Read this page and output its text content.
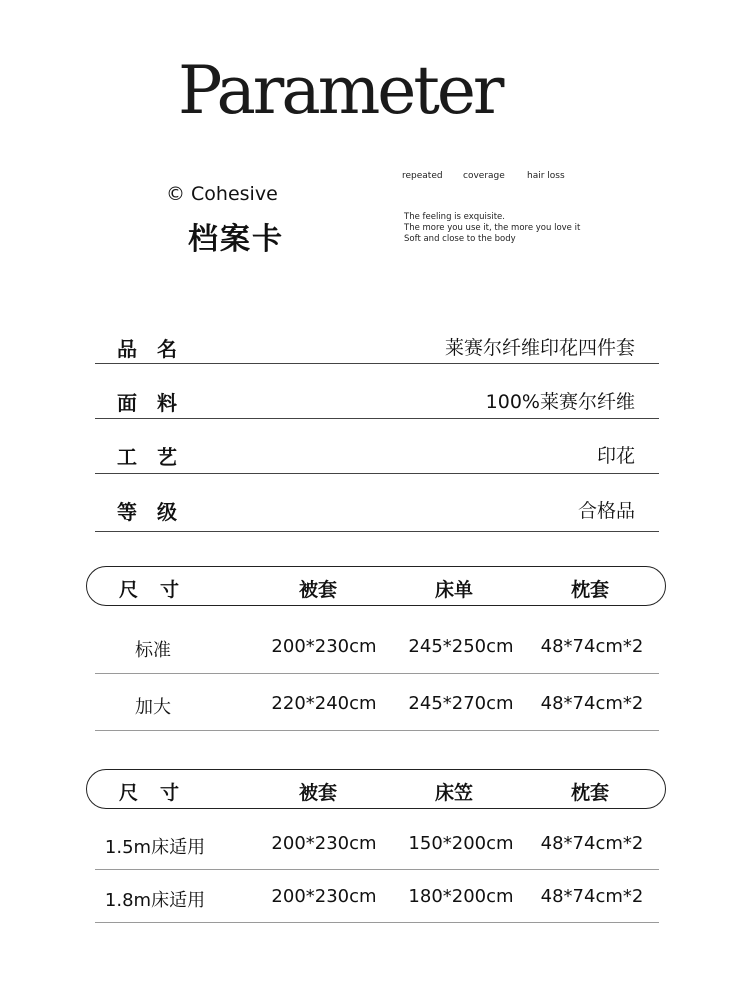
Parameter
© Cohesive
档案卡
repeated coverage hair loss
The feeling is exquisite.
The more you use it, the more you love it
Soft and close to the body
品名	莱赛尔纤维印花四件套
面料	100%莱赛尔纤维
工艺	印花
等级	合格品
尺寸	被套	床单	枕套
标准	200*230cm 245*250cm 48*74cm*2
加大	220*240cm 245*270cm 48*74cm*2
尺寸	被套	床笠	枕套
1.5m床适用	200*230cm 150*200cm 48*74cm*2
1.8m床适用	200*230cm 180*200cm 48*74cm*2
